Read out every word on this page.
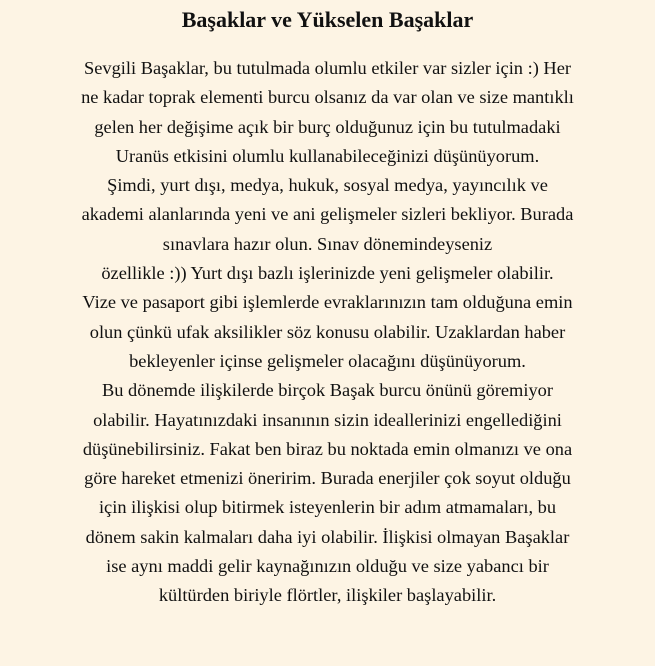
Başaklar ve Yükselen Başaklar

Sevgili Başaklar, bu tutulmada olumlu etkiler var sizler için :) Her

ne kadar toprak elementi burcu olsanız da var olan ve size mantıklı

gelen her değişime açık bir burç olduğunuz için bu tutulmadaki

Uranüs etkisini olumlu kullanabileceğinizi düşünüyorum.

Şimdi, yurt dışı, medya, hukuk, sosyal medya, yayıncılık ve

akademi alanlarında yeni ve ani gelişmeler sizleri bekliyor. Burada

sınavlara hazır olun. Sınav dönemindeyseniz

özellikle :)) Yurt dışı bazlı işlerinizde yeni gelişmeler olabilir.

Vize ve pasaport gibi işlemlerde evraklarınızın tam olduğuna emin

olun çünkü ufak aksilikler söz konusu olabilir. Uzaklardan haber

bekleyenler içinse gelişmeler olacağını düşünüyorum.

Bu dönemde ilişkilerde birçok Başak burcu önünü göremiyor

olabilir. Hayatınızdaki insanının sizin ideallerinizi engellediğini

düşünebilirsiniz. Fakat ben biraz bu noktada emin olmanızı ve ona

göre hareket etmenizi öneririm. Burada enerjiler çok soyut olduğu

için ilişkisi olup bitirmek isteyenlerin bir adım atmamaları, bu

dönem sakin kalmaları daha iyi olabilir. İlişkisi olmayan Başaklar

ise aynı maddi gelir kaynağınızın olduğu ve size yabancı bir

kültürden biriyle flörtler, ilişkiler başlayabilir.
